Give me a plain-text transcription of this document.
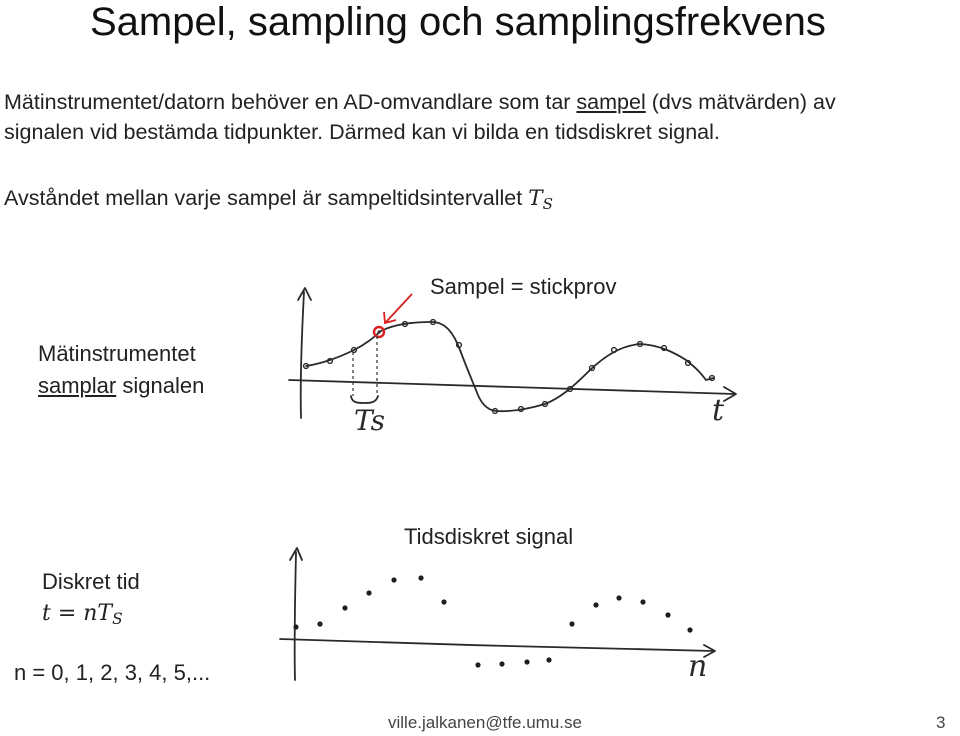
Sampel, sampling och samplingsfrekvens
Mätinstrumentet/datorn behöver en AD-omvandlare som tar sampel (dvs mätvärden) av
signalen vid bestämda tidpunkter. Därmed kan vi bilda en tidsdiskret signal.
Avståndet mellan varje sampel är sampeltidsintervallet TS
Ts	t
n
Sampel = stickprov
Mätinstrumentet
samplar signalen
Tidsdiskret signal
Diskret tid
t = nTS
n = 0, 1, 2, 3, 4, 5,...
ville.jalkanen@tfe.umu.se	3
